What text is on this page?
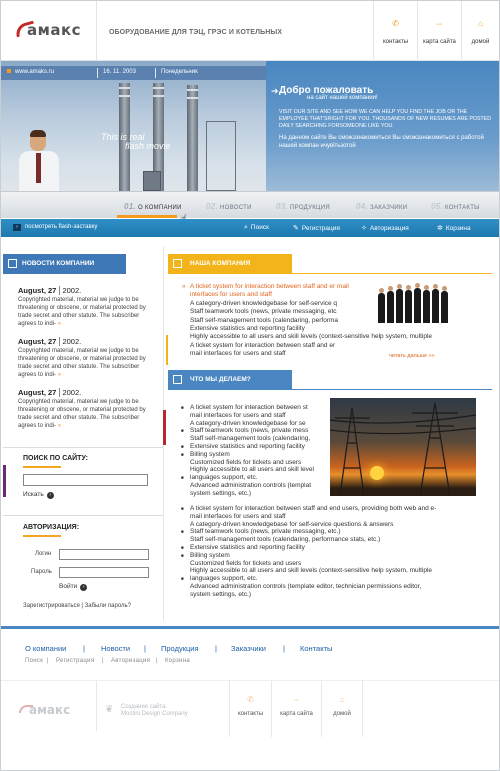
амакс	ОБОРУДОВАНИЕ ДЛЯ ТЭЦ, ГРЭС И КОТЕЛЬНЫХ
✆
контакты
⇔
карта сайта
⌂
домой
www.amaks.ru	16. 11. 2003	Понедельник
This is real
flash movie
➔ Добро пожаловать
на сайт нашей компании!
VISIT OUR SITE AND SEE HOW WE CAN HELP YOU FIND THE JOB OR THE EMPLOYEE THAT'SRIGHT FOR YOU. THOUSANDS OF NEW RESUMES ARE POSTED DAILY SEARCHING FORSOMEONE LIKE YOU.
На данном сайте Вы сможэзнакомиться Вы сможэзнакомиться с работой нашей компан ичувітьзотой
01. О КОМПАНИИ	02. НОВОСТИ	03. ПРОДУКЦИЯ	04. ЗАКАЗЧИКИ	05. КОНТАКТЫ
› посмотреть flash-заставку	⌕ Поиск	✎ Регистрация	✧ Авторизация	✲ Корзина
НОВОСТИ КОМПАНИИ
August, 27 2002.
Copyrighted material, material we judge to be threatening or obscene, or material protected by trade secret and other statute. The subscriber agrees to indi- »
August, 27 2002.
Copyrighted material, material we judge to be threatening or obscene, or material protected by trade secret and other statute. The subscriber agrees to indi- »
August, 27 2002.
Copyrighted material, material we judge to be threatening or obscene, or material protected by trade secret and other statute. The subscriber agrees to indi- »
ПОИСК ПО САЙТУ:
Искать ›
АВТОРИЗАЦИЯ:
Логин
Пароль
Войти ›
Зарегистрироваться | Забыли пароль?
НАША КОМПАНИЯ
» A ticket system for interaction between staff and er mail interfaces for users and staff
A category-driven knowledgebase for self-service q
Staff teamwork tools (news, private messaging, etc
Staff self-management tools (calendaring, performa
Extensive statistics and reporting facility
Highly accessible to all users and skill levels (context-sensitive help system, multiple
A ticket system for interaction between staff and er
mail interfaces for users and staff	читать дальше »»
ЧТО МЫ ДЕЛАЕМ?
■ A ticket system for interaction between st
mail interfaces for users and staff
A category-driven knowledgebase for se
■ Staff teamwork tools (news, private mess
Staff self-management tools (calendaring,
■ Extensive statistics and reporting facility
■ Billing system
Customized fields for tickets and users
Highly accessible to all users and skill level
■ languages support, etc.
Advanced administration controls (templat
system settings, etc.)
■ A ticket system for interaction between staff and end users, providing both web and e-
mail interfaces for users and staff
A category-driven knowledgebase for self-service questions & answers
■ Staff teamwork tools (news, private messaging, etc.)
Staff self-management tools (calendaring, performance stats, etc.)
■ Extensive statistics and reporting facility
■ Billing system
Customized fields for tickets and users
Highly accessible to all users and skill levels (context-sensitive help system, multiple
■ languages support, etc.
Advanced administration controls (template editor, technician permissions editor,
system settings, etc.)
О компании | Новости | Продукция | Заказчики | Контакты
Поиск | Регистрация | Авторизация | Корзина
амакс	❦ Создание сайта:
Mostini Design Company
✆
контакты
⇔
карта сайта
⌂
домой
